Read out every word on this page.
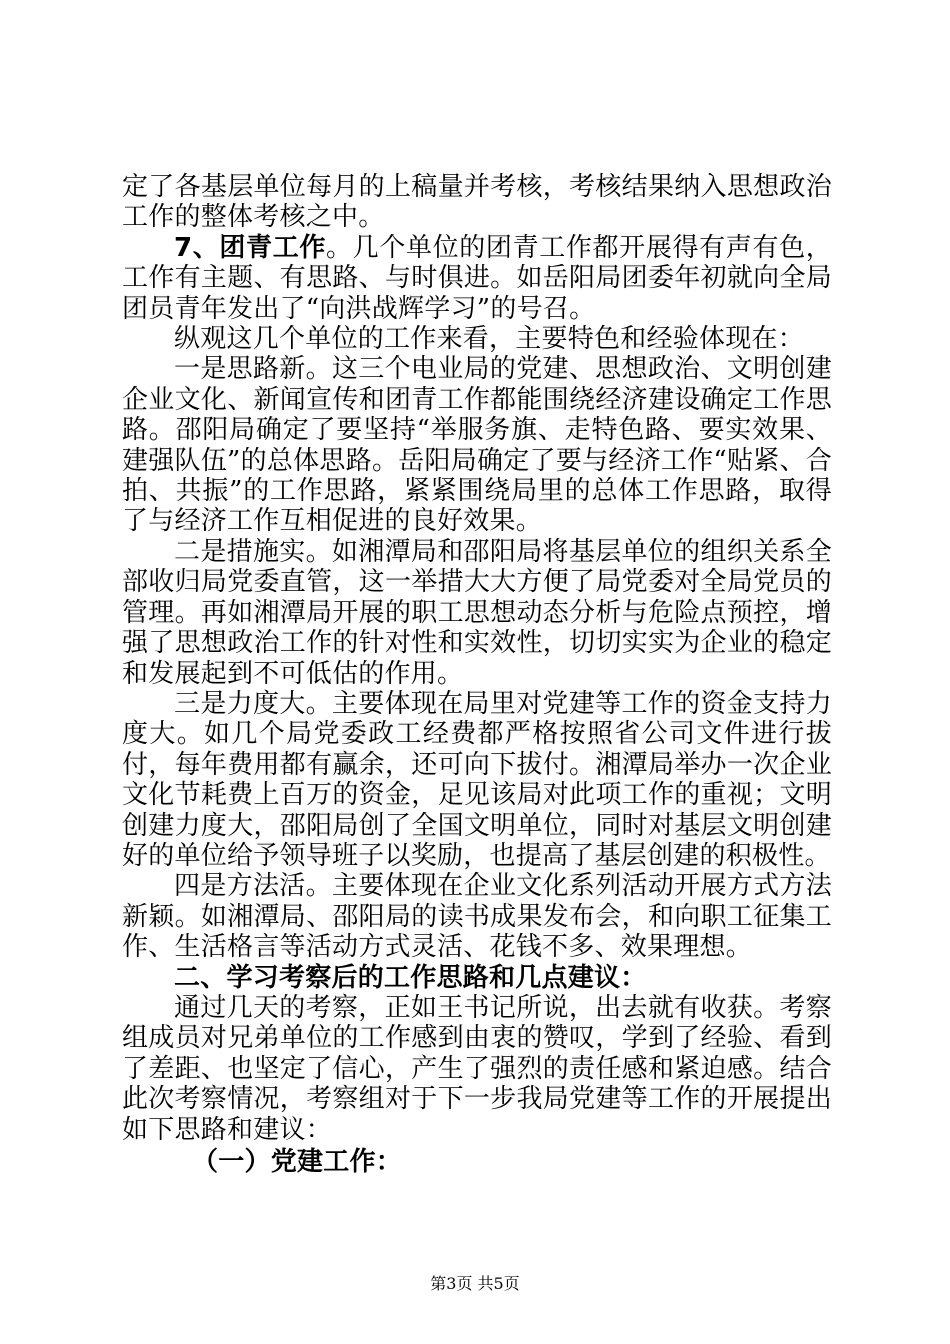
定了各基层单位每月的上稿量并考核，考核结果纳入思想政治工作的整体考核之中。

7、团青工作。几个单位的团青工作都开展得有声有色，工作有主题、有思路、与时俱进。如岳阳局团委年初就向全局团员青年发出了“向洪战辉学习”的号召。

纵观这几个单位的工作来看，主要特色和经验体现在：

一是思路新。这三个电业局的党建、思想政治、文明创建企业文化、新闻宣传和团青工作都能围绕经济建设确定工作思路。邵阳局确定了要坚持“举服务旗、走特色路、要实效果、建强队伍”的总体思路。岳阳局确定了要与经济工作“贴紧、合拍、共振”的工作思路，紧紧围绕局里的总体工作思路，取得了与经济工作互相促进的良好效果。

二是措施实。如湘潭局和邵阳局将基层单位的组织关系全部收归局党委直管，这一举措大大方便了局党委对全局党员的管理。再如湘潭局开展的职工思想动态分析与危险点预控，增强了思想政治工作的针对性和实效性，切切实实为企业的稳定和发展起到不可低估的作用。

三是力度大。主要体现在局里对党建等工作的资金支持力度大。如几个局党委政工经费都严格按照省公司文件进行拔付，每年费用都有赢余，还可向下拔付。湘潭局举办一次企业文化节耗费上百万的资金，足见该局对此项工作的重视；文明创建力度大，邵阳局创了全国文明单位，同时对基层文明创建好的单位给予领导班子以奖励，也提高了基层创建的积极性。

四是方法活。主要体现在企业文化系列活动开展方式方法新颖。如湘潭局、邵阳局的读书成果发布会，和向职工征集工作、生活格言等活动方式灵活、花钱不多、效果理想。

二、学习考察后的工作思路和几点建议：

通过几天的考察，正如王书记所说，出去就有收获。考察组成员对兄弟单位的工作感到由衷的赞叹，学到了经验、看到了差距、也坚定了信心，产生了强烈的责任感和紧迫感。结合此次考察情况，考察组对于下一步我局党建等工作的开展提出如下思路和建议：

（一）党建工作：

第3页 共5页
